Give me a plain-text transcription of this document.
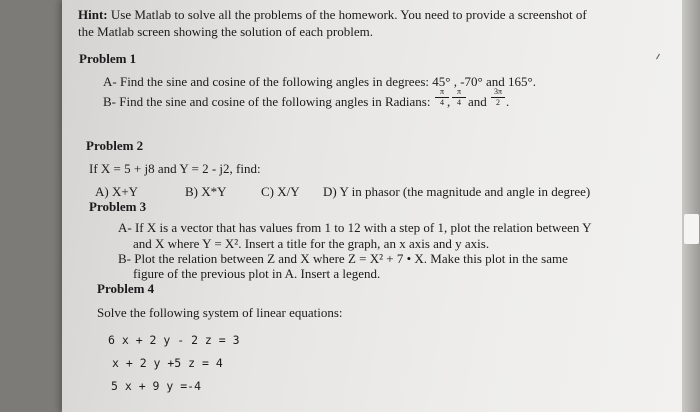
Hint: Use Matlab to solve all the problems of the homework. You need to provide a screenshot of
the Matlab screen showing the solution of each problem.
Problem 1
A- Find the sine and cosine of the following angles in degrees: 45° , -70° and 165°.
B- Find the sine and cosine of the following angles in Radians: $\frac{\pi}{4}$
, $\frac{\pi}{4}$ and $\frac{3\pi}{2}$ .
Problem 2
If X = 5 + j8 and Y = 2 - j2, find:
A) X+Y	B) X*Y	C) X/Y D) Y in phasor (the magnitude and angle in degree)
Problem 3
A- If X is a vector that has values from 1 to 12 with a step of 1, plot the relation between Y
and X where Y = X². Insert a title for the graph, an x axis and y axis.
B- Plot the relation between Z and X where Z = X² + 7 • X. Make this plot in the same
figure of the previous plot in A. Insert a legend.
Problem 4
Solve the following system of linear equations:
6 x + 2 y - 2 z = 3
x + 2 y +5 z = 4
5 x + 9 y =-4
